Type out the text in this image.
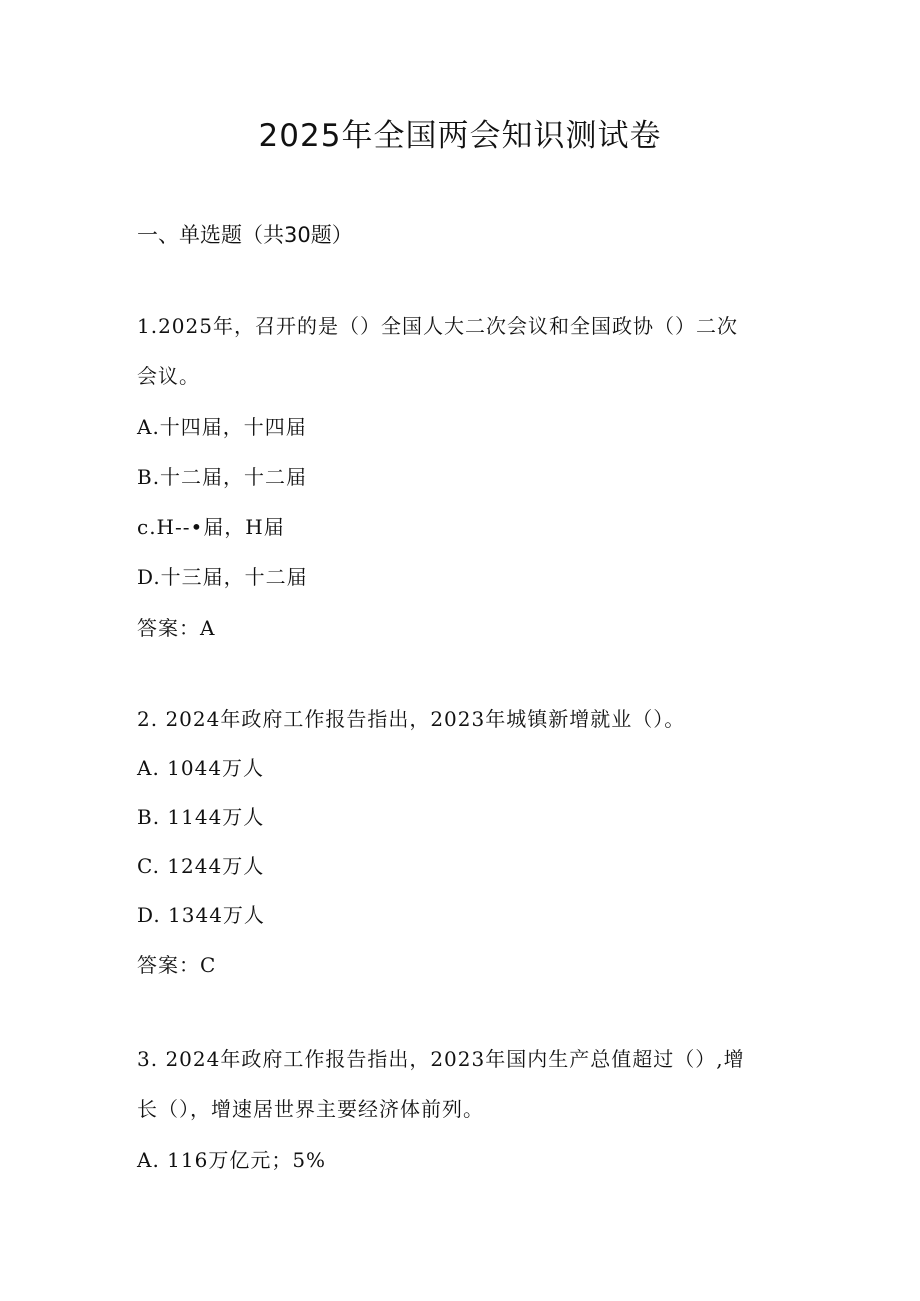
2025年全国两会知识测试卷
一、单选题（共30题）
1.2025年，召开的是（）全国人大二次会议和全国政协（）二次
会议。
A.十四届，十四届
B.十二届，十二届
c.H--•届，H届
D.十三届，十二届
答案：A
2. 2024年政府工作报告指出，2023年城镇新增就业（）。
A. 1044万人
B. 1144万人
C. 1244万人
D. 1344万人
答案：C
3. 2024年政府工作报告指出，2023年国内生产总值超过（）,增
长（），增速居世界主要经济体前列。
A. 116万亿元；5%
